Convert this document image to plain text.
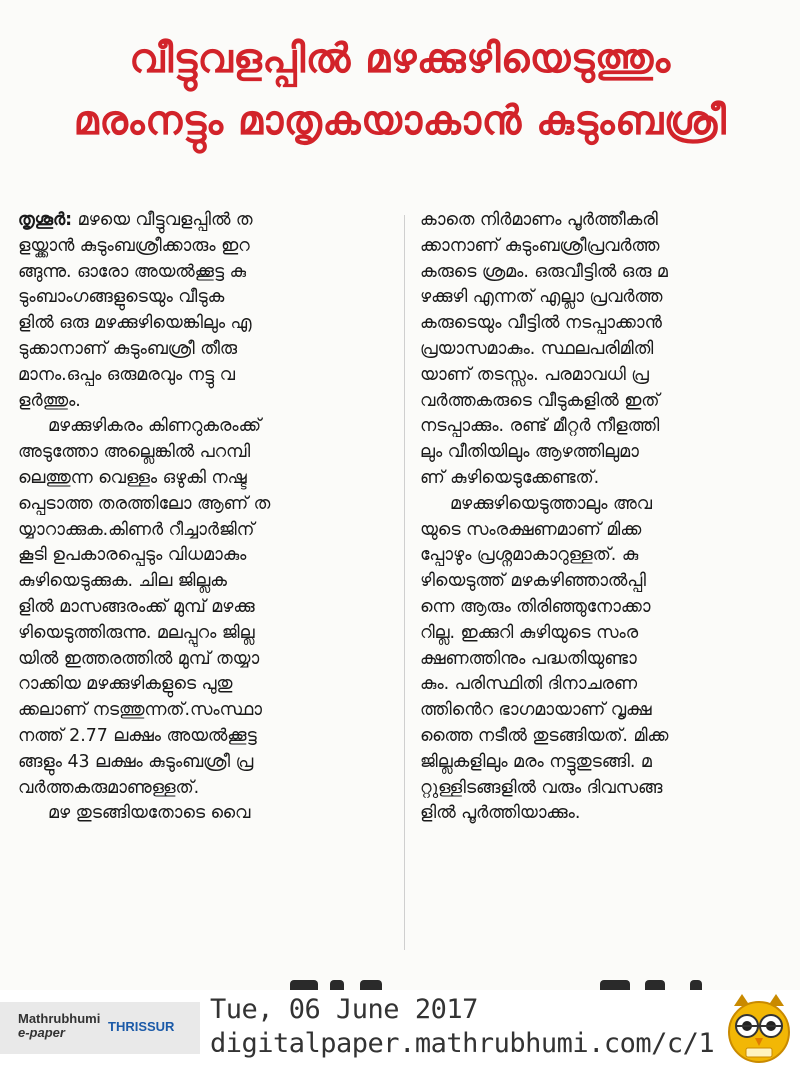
വീട്ടുവളപ്പിൽ മഴക്കുഴിയെടുത്തും
മരംനട്ടും മാതൃകയാകാൻ കുടുംബശ്രീ
തൃശൂർ: മഴയെ വീട്ടുവളപ്പിൽ ത
ളയ്ക്കാൻ കുടുംബശ്രീക്കാരും ഇറ
ങ്ങുന്നു. ഓരോ അയൽക്കൂട്ട കു
ടുംബാംഗങ്ങളുടെയും വീടുക
ളിൽ ഒരു മഴക്കുഴിയെങ്കിലും എ
ടുക്കാനാണ് കുടുംബശ്രീ തീരു
മാനം.ഒപ്പം ഒരുമരവും നട്ടു വ
ളർത്തും.
മഴക്കുഴികരം കിണറുകരംക്ക്
അടുത്തോ അല്ലെങ്കിൽ പറമ്പി
ലെത്തുന്ന വെള്ളം ഒഴുകി നഷ്ട
പ്പെടാത്ത തരത്തിലോ ആണ് ത
യ്യാറാക്കുക.കിണർ റീച്ചാർജിന്
കൂടി ഉപകാരപ്പെടും വിധമാകും
കുഴിയെടുക്കുക. ചില ജില്ലക
ളിൽ മാസങ്ങരംക്ക് മുമ്പ് മഴക്കു
ഴിയെടുത്തിരുന്നു. മലപ്പുറം ജില്ല
യിൽ ഇത്തരത്തിൽ മുമ്പ് തയ്യാ
റാക്കിയ മഴക്കുഴികളുടെ പുതു
ക്കലാണ് നടത്തുന്നത്.സംസ്ഥാ
നത്ത് 2.77 ലക്ഷം അയൽക്കൂട്ട
ങ്ങളും 43 ലക്ഷം കുടുംബശ്രീ പ്ര
വർത്തകരുമാണുള്ളത്.
മഴ തുടങ്ങിയതോടെ വൈ
കാതെ നിർമാണം പൂർത്തീകരി
ക്കാനാണ് കുടുംബശ്രീപ്രവർത്ത
കരുടെ ശ്രമം. ഒരുവീട്ടിൽ ഒരു മ
ഴക്കുഴി എന്നത് എല്ലാ പ്രവർത്ത
കരുടെയും വീട്ടിൽ നടപ്പാക്കാൻ
പ്രയാസമാകും. സ്ഥലപരിമിതി
യാണ് തടസ്സം. പരമാവധി പ്ര
വർത്തകരുടെ വീടുകളിൽ ഇത്
നടപ്പാക്കും. രണ്ട് മീറ്റർ നീളത്തി
ലും വീതിയിലും ആഴത്തിലുമാ
ണ് കുഴിയെടുക്കേണ്ടത്.
മഴക്കുഴിയെടുത്താലും അവ
യുടെ സംരക്ഷണമാണ് മിക്ക
പ്പോഴും പ്രശ്നമാകാറുള്ളത്. കു
ഴിയെടുത്ത് മഴകഴിഞ്ഞാൽപ്പി
ന്നെ ആരും തിരിഞ്ഞുനോക്കാ
റില്ല. ഇക്കുറി കുഴിയുടെ സംര
ക്ഷണത്തിനും പദ്ധതിയുണ്ടാ
കും. പരിസ്ഥിതി ദിനാചരണ
ത്തിൻെറ ഭാഗമായാണ് വൃക്ഷ
ത്തൈ നടീൽ തുടങ്ങിയത്. മിക്ക
ജില്ലകളിലും മരം നട്ടുതുടങ്ങി. മ
റ്റുള്ളിടങ്ങളിൽ വരും ദിവസങ്ങ
ളിൽ പൂർത്തിയാക്കും.
Mathrubhumi
e-paper	THRISSUR
Tue, 06 June 2017
digitalpaper.mathrubhumi.com/c/1
